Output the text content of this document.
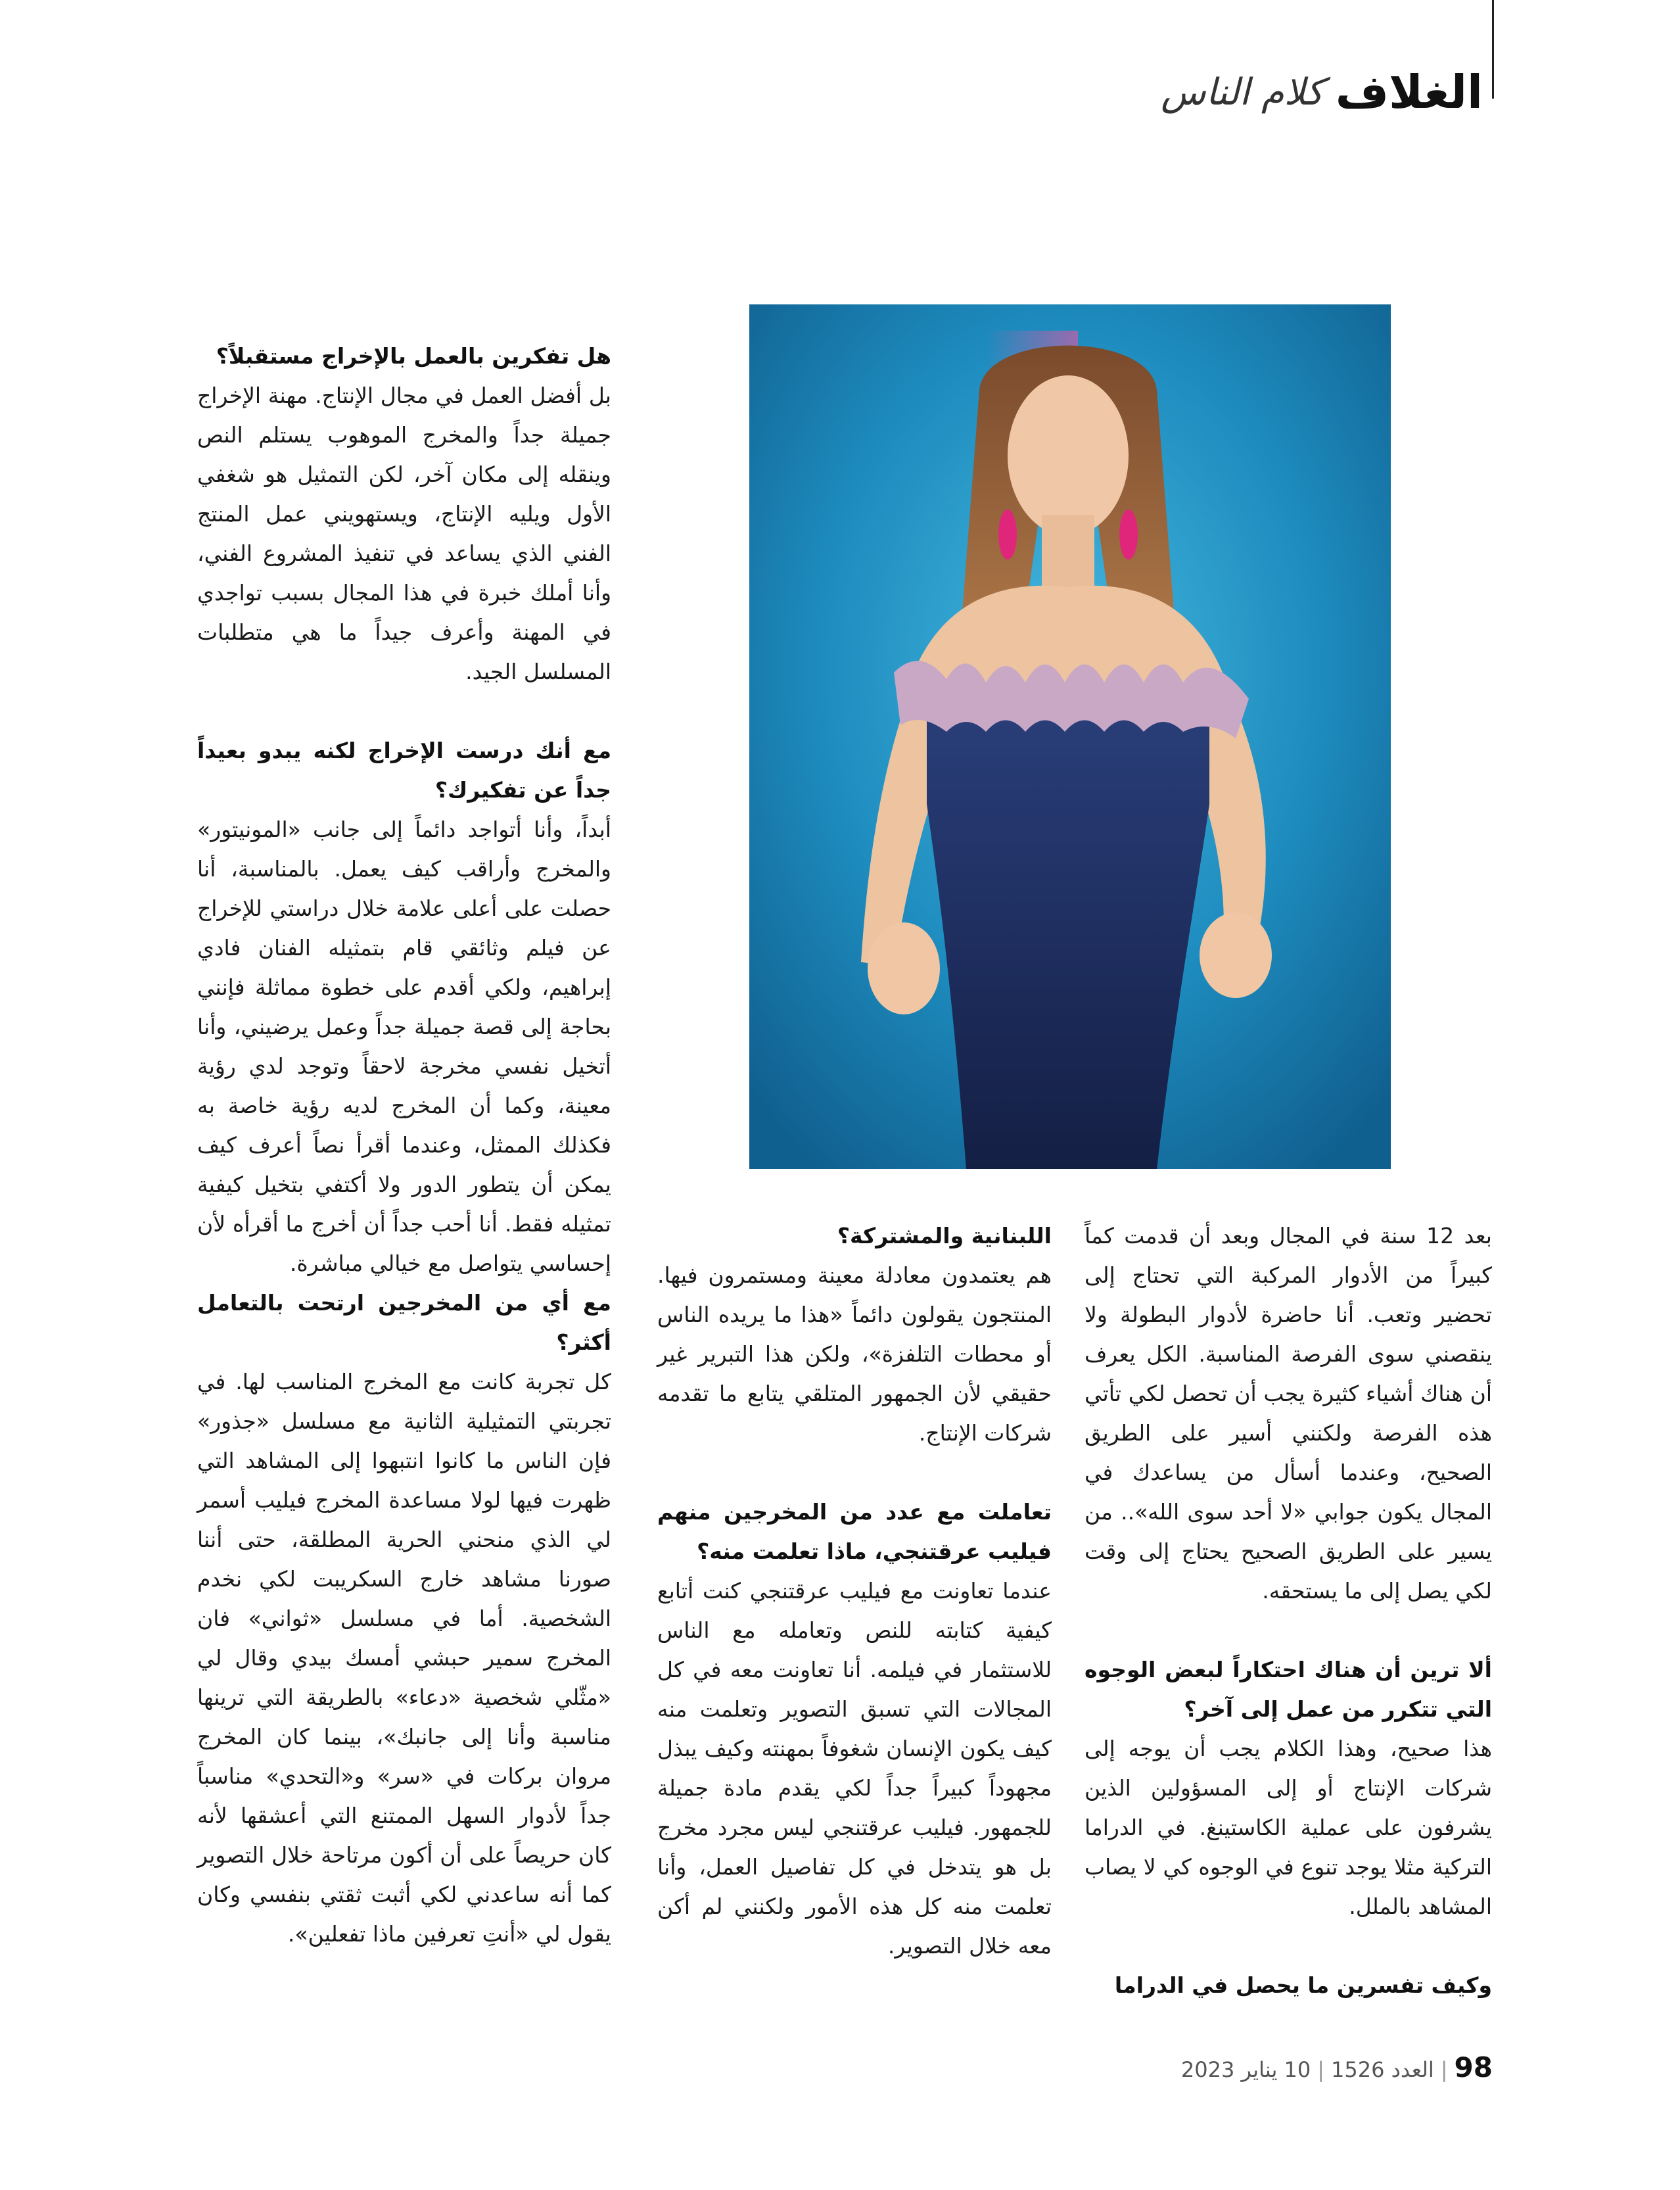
الغلاف
كلام الناس

بعد 12 سنة في المجال وبعد أن قدمت كماً كبيراً من الأدوار المركبة التي تحتاج إلى تحضير وتعب. أنا حاضرة لأدوار البطولة ولا ينقصني سوى الفرصة المناسبة. الكل يعرف أن هناك أشياء كثيرة يجب أن تحصل لكي تأتي هذه الفرصة ولكنني أسير على الطريق الصحيح، وعندما أسأل من يساعدك في المجال يكون جوابي «لا أحد سوى الله».. من يسير على الطريق الصحيح يحتاج إلى وقت لكي يصل إلى ما يستحقه.

ألا ترين أن هناك احتكاراً لبعض الوجوه التي تتكرر من عمل إلى آخر؟

هذا صحيح، وهذا الكلام يجب أن يوجه إلى شركات الإنتاج أو إلى المسؤولين الذين يشرفون على عملية الكاستينغ. في الدراما التركية مثلا يوجد تنوع في الوجوه كي لا يصاب المشاهد بالملل.

وكيف تفسرين ما يحصل في الدراما

اللبنانية والمشتركة؟

هم يعتمدون معادلة معينة ومستمرون فيها. المنتجون يقولون دائماً «هذا ما يريده الناس أو محطات التلفزة»، ولكن هذا التبرير غير حقيقي لأن الجمهور المتلقي يتابع ما تقدمه شركات الإنتاج.

تعاملت مع عدد من المخرجين منهم فيليب عرقتنجي، ماذا تعلمت منه؟

عندما تعاونت مع فيليب عرقتنجي كنت أتابع كيفية كتابته للنص وتعامله مع الناس للاستثمار في فيلمه. أنا تعاونت معه في كل المجالات التي تسبق التصوير وتعلمت منه كيف يكون الإنسان شغوفاً بمهنته وكيف يبذل مجهوداً كبيراً جداً لكي يقدم مادة جميلة للجمهور. فيليب عرقتنجي ليس مجرد مخرج بل هو يتدخل في كل تفاصيل العمل، وأنا تعلمت منه كل هذه الأمور ولكنني لم أكن معه خلال التصوير.

هل تفكرين بالعمل بالإخراج مستقبلاً؟

بل أفضل العمل في مجال الإنتاج. مهنة الإخراج جميلة جداً والمخرج الموهوب يستلم النص وينقله إلى مكان آخر، لكن التمثيل هو شغفي الأول ويليه الإنتاج، ويستهويني عمل المنتج الفني الذي يساعد في تنفيذ المشروع الفني، وأنا أملك خبرة في هذا المجال بسبب تواجدي في المهنة وأعرف جيداً ما هي متطلبات المسلسل الجيد.

مع أنك درست الإخراج لكنه يبدو بعيداً جداً عن تفكيرك؟

أبداً، وأنا أتواجد دائماً إلى جانب «المونيتور» والمخرج وأراقب كيف يعمل. بالمناسبة، أنا حصلت على أعلى علامة خلال دراستي للإخراج عن فيلم وثائقي قام بتمثيله الفنان فادي إبراهيم، ولكي أقدم على خطوة مماثلة فإنني بحاجة إلى قصة جميلة جداً وعمل يرضيني، وأنا أتخيل نفسي مخرجة لاحقاً وتوجد لدي رؤية معينة، وكما أن المخرج لديه رؤية خاصة به فكذلك الممثل، وعندما أقرأ نصاً أعرف كيف يمكن أن يتطور الدور ولا أكتفي بتخيل كيفية تمثيله فقط. أنا أحب جداً أن أخرج ما أقرأه لأن إحساسي يتواصل مع خيالي مباشرة.

مع أي من المخرجين ارتحت بالتعامل أكثر؟

كل تجربة كانت مع المخرج المناسب لها. في تجربتي التمثيلية الثانية مع مسلسل «جذور» فإن الناس ما كانوا انتبهوا إلى المشاهد التي ظهرت فيها لولا مساعدة المخرج فيليب أسمر لي الذي منحني الحرية المطلقة، حتى أننا صورنا مشاهد خارج السكريبت لكي نخدم الشخصية. أما في مسلسل «ثواني» فان المخرج سمير حبشي أمسك بيدي وقال لي «مثّلي شخصية «دعاء» بالطريقة التي ترينها مناسبة وأنا إلى جانبك»، بينما كان المخرج مروان بركات في «سر» و«التحدي» مناسباً جداً لأدوار السهل الممتنع التي أعشقها لأنه كان حريصاً على أن أكون مرتاحة خلال التصوير كما أنه ساعدني لكي أثبت ثقتي بنفسي وكان يقول لي «أنتِ تعرفين ماذا تفعلين».

98
|
العدد 1526
|
10 يناير 2023
